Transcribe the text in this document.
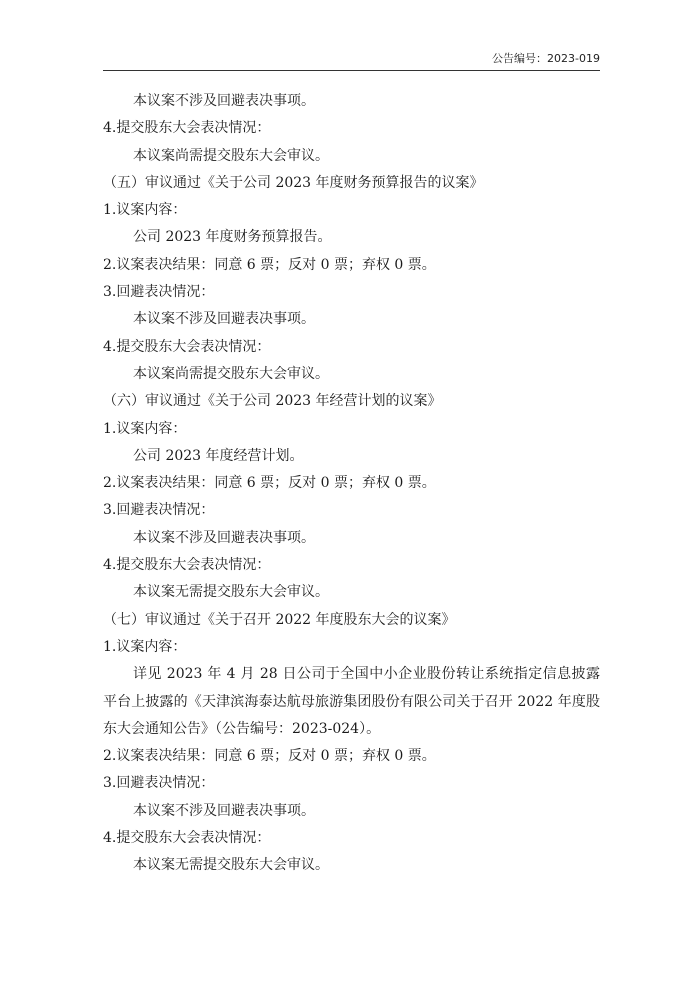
公告编号：2023-019

本议案不涉及回避表决事项。

4.提交股东大会表决情况：

本议案尚需提交股东大会审议。

（五）审议通过《关于公司 2023 年度财务预算报告的议案》

1.议案内容：

公司 2023 年度财务预算报告。

2.议案表决结果：同意 6 票；反对 0 票；弃权 0 票。

3.回避表决情况：

本议案不涉及回避表决事项。

4.提交股东大会表决情况：

本议案尚需提交股东大会审议。

（六）审议通过《关于公司 2023 年经营计划的议案》

1.议案内容：

公司 2023 年度经营计划。

2.议案表决结果：同意 6 票；反对 0 票；弃权 0 票。

3.回避表决情况：

本议案不涉及回避表决事项。

4.提交股东大会表决情况：

本议案无需提交股东大会审议。

（七）审议通过《关于召开 2022 年度股东大会的议案》

1.议案内容：

详见 2023 年 4 月 28 日公司于全国中小企业股份转让系统指定信息披露平台上披露的《天津滨海泰达航母旅游集团股份有限公司关于召开 2022 年度股东大会通知公告》（公告编号：2023-024）。

2.议案表决结果：同意 6 票；反对 0 票；弃权 0 票。

3.回避表决情况：

本议案不涉及回避表决事项。

4.提交股东大会表决情况：

本议案无需提交股东大会审议。
